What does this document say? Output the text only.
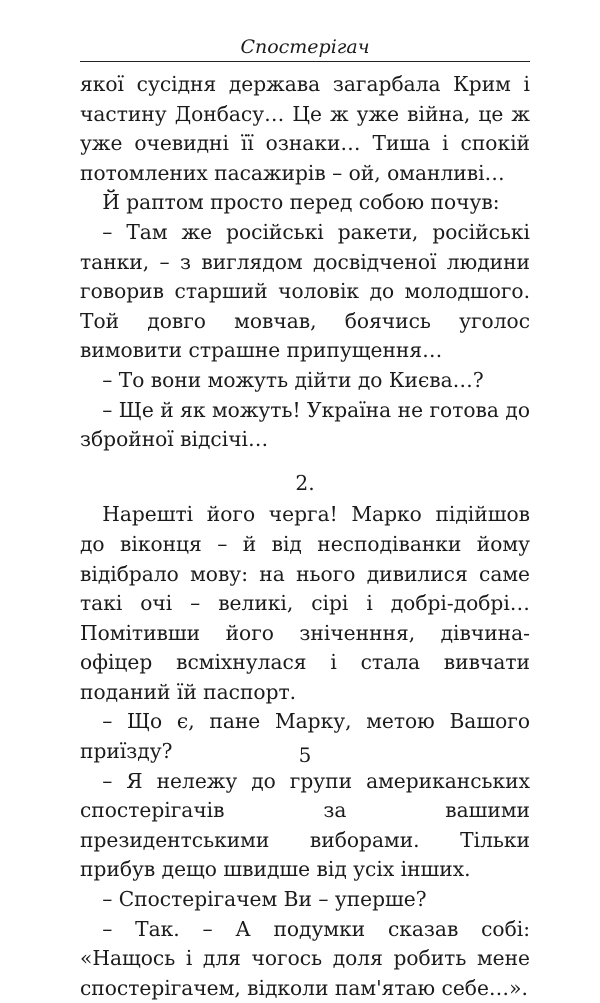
Спостерігач

якої сусідня держава загарбала Крим і частину Донбасу… Це ж уже війна, це ж уже очевидні її ознаки… Тиша і спокій потомлених пасажирів – ой, оманливі…

Й раптом просто перед собою почув:

– Там же російські ракети, російські танки, – з виглядом досвідченої людини говорив старший чоловік до молодшого. Той довго мовчав, боячись уголос вимовити страшне припущення…

– То вони можуть дійти до Києва…?

– Ще й як можуть! Україна не готова до збройної відсічі…

2.

Нарешті його черга! Марко підійшов до віконця – й від несподіванки йому відібрало мову: на нього дивилися саме такі очі – великі, сірі і добрі-добрі… Помітивши його зніченння, дівчина-офіцер всміхнулася і стала вивчати поданий їй паспорт.

– Що є, пане Марку, метою Вашого приїзду?

– Я нележу до групи американських спостерігачів за вашими президентськими виборами. Тільки прибув дещо швидше від усіх інших.

– Спостерігачем Ви – уперше?

– Так. – А подумки сказав собі: «Нащось і для чогось доля робить мене спостерігачем, відколи пам'ятаю себе…».

5
